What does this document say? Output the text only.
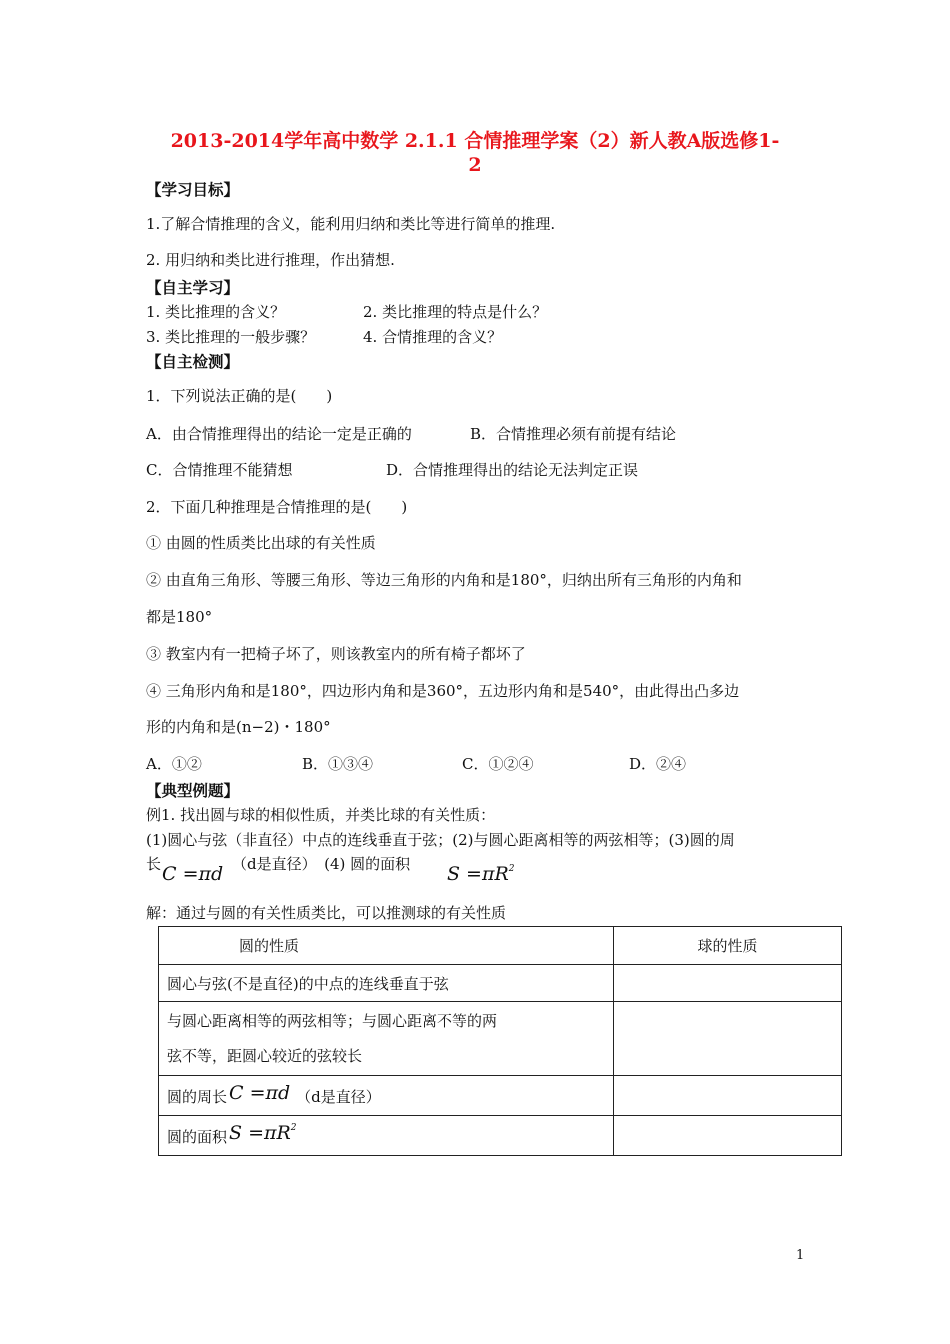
2013-2014学年高中数学 2.1.1 合情推理学案（2）新人教A版选修1-
2
【学习目标】
1.了解合情推理的含义，能利用归纳和类比等进行简单的推理.
2. 用归纳和类比进行推理，作出猜想.
【自主学习】
1. 类比推理的含义？	2. 类比推理的特点是什么？
3. 类比推理的一般步骤？	4. 合情推理的含义？
【自主检测】
1．下列说法正确的是(　　)
A．由合情推理得出的结论一定是正确的	B．合情推理必须有前提有结论
C．合情推理不能猜想	D．合情推理得出的结论无法判定正误
2．下面几种推理是合情推理的是(　　)
① 由圆的性质类比出球的有关性质
② 由直角三角形、等腰三角形、等边三角形的内角和是180°，归纳出所有三角形的内角和
都是180°
③ 教室内有一把椅子坏了，则该教室内的所有椅子都坏了
④ 三角形内角和是180°，四边形内角和是360°，五边形内角和是540°，由此得出凸多边
形的内角和是(n−2)・180°
A．①②	B．①③④	C．①②④	D．②④
【典型例题】
例1. 找出圆与球的相似性质，并类比球的有关性质：
(1)圆心与弦（非直径）中点的连线垂直于弦；(2)与圆心距离相等的两弦相等；(3)圆的周
长 C =πd （d是直径）　(4) 圆的面积 $S =\pi R^2$
解：通过与圆的有关性质类比，可以推测球的有关性质
圆的性质	球的性质
圆心与弦(不是直径)的中点的连线垂直于弦	
与圆心距离相等的两弦相等；与圆心距离不等的两
弦不等，距圆心较近的弦较长	
圆的周长 C =πd （d是直径）	
圆的面积 $S =\pi R^2$	
1
